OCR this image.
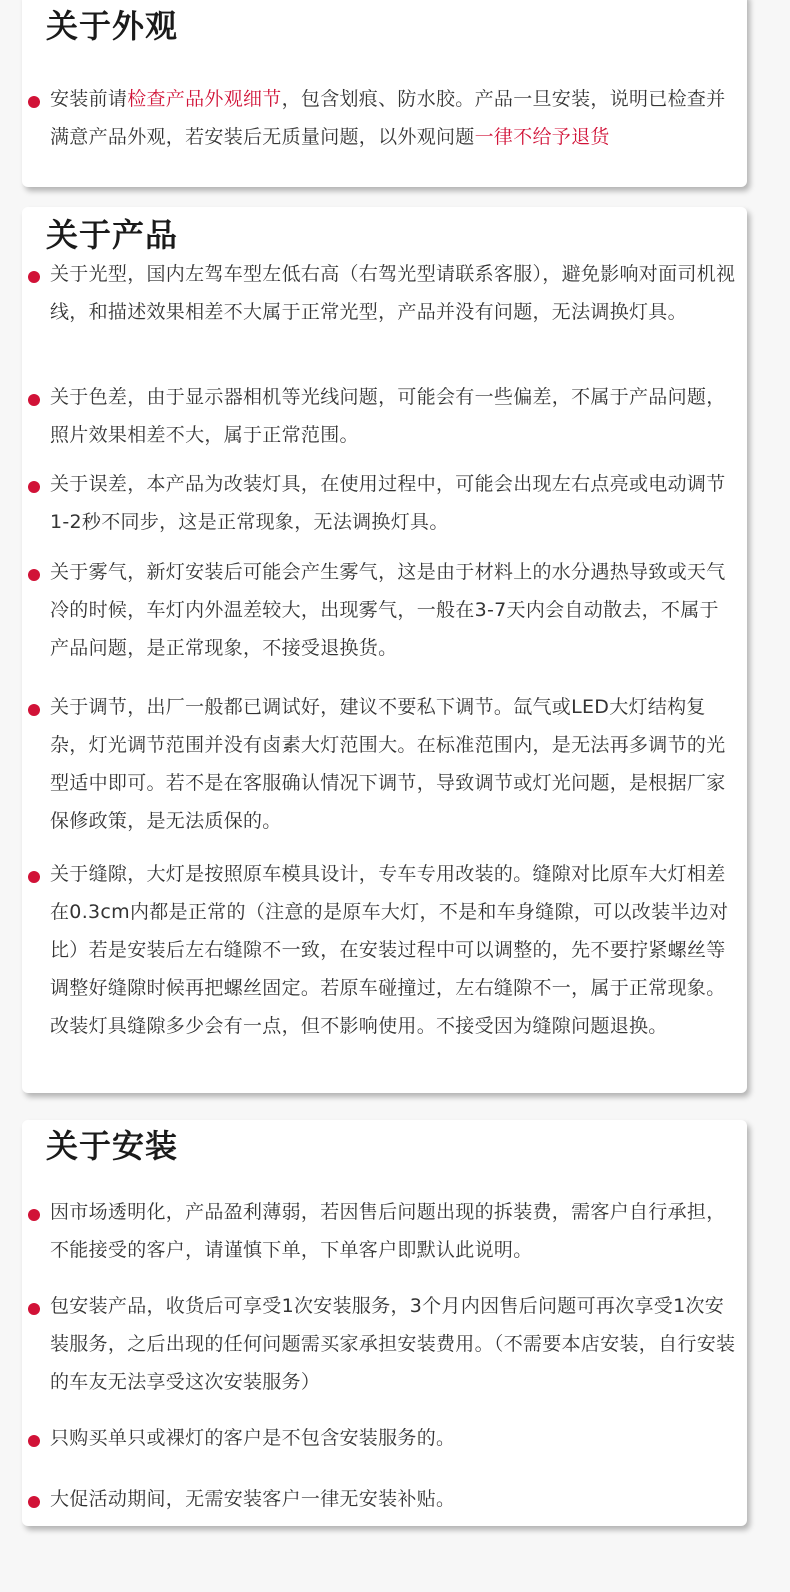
关于外观

安装前请检查产品外观细节，包含划痕、防水胶。产品一旦安装，说明已检查并满意产品外观，若安装后无质量问题，以外观问题一律不给予退货

关于产品

关于光型，国内左驾车型左低右高（右驾光型请联系客服），避免影响对面司机视线，和描述效果相差不大属于正常光型，产品并没有问题，无法调换灯具。

关于色差，由于显示器相机等光线问题，可能会有一些偏差，不属于产品问题，照片效果相差不大，属于正常范围。

关于误差，本产品为改装灯具，在使用过程中，可能会出现左右点亮或电动调节1-2秒不同步，这是正常现象，无法调换灯具。

关于雾气，新灯安装后可能会产生雾气，这是由于材料上的水分遇热导致或天气冷的时候，车灯内外温差较大，出现雾气，一般在3-7天内会自动散去，不属于产品问题，是正常现象，不接受退换货。

关于调节，出厂一般都已调试好，建议不要私下调节。氙气或LED大灯结构复杂，灯光调节范围并没有卤素大灯范围大。在标准范围内，是无法再多调节的光型适中即可。若不是在客服确认情况下调节，导致调节或灯光问题，是根据厂家保修政策，是无法质保的。

关于缝隙，大灯是按照原车模具设计，专车专用改装的。缝隙对比原车大灯相差在0.3cm内都是正常的（注意的是原车大灯，不是和车身缝隙，可以改装半边对比）若是安装后左右缝隙不一致，在安装过程中可以调整的，先不要拧紧螺丝等调整好缝隙时候再把螺丝固定。若原车碰撞过，左右缝隙不一，属于正常现象。改装灯具缝隙多少会有一点，但不影响使用。不接受因为缝隙问题退换。

关于安装

因市场透明化，产品盈利薄弱，若因售后问题出现的拆装费，需客户自行承担，不能接受的客户，请谨慎下单，下单客户即默认此说明。

包安装产品，收货后可享受1次安装服务，3个月内因售后问题可再次享受1次安装服务，之后出现的任何问题需买家承担安装费用。（不需要本店安装，自行安装的车友无法享受这次安装服务）

只购买单只或裸灯的客户是不包含安装服务的。

大促活动期间，无需安装客户一律无安装补贴。
